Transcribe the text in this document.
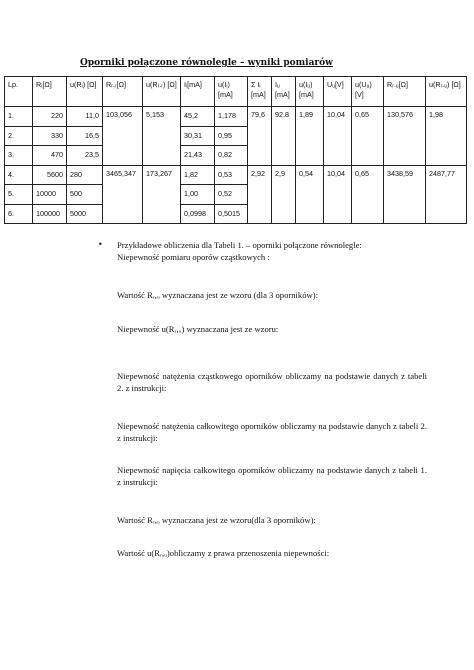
Oporniki połączone równolegle – wyniki pomiarów
Lp.	Rᵢ[Ω]	u(Rᵢ) [Ω]	Rᵣ.ᵣ[Ω]	u(Rᵣ.ᵣ) [Ω]	Iᵢ[mA]	u(Iᵢ) [mA]	Σ Iᵢ [mA]	Iᵤ [mA]	u(Iᵤ) [mA]	Uᵤ[V]	u(Uᵤ) [V]	Rᵣ.ᵤ[Ω]	u(Rᵣ.ᵤ) [Ω]
1.	220	11,0	103,056	5,153	45,2	1,178	79,6	92,8	1,89	10,04	0,65	130,576	1,98
2.	330	16,5			30,31	0,95							
3.	470	23,5			21,43	0,82							
4.	5600	280	3465,347	173,267	1,82	0,53	2,92	2,9	0,54	10,04	0,65	3438,59	2487,77
5.	10000	500			1,00	0,52							
6.	100000	5000			0,0998	0,5015							
• Przykładowe obliczenia dla Tabeli 1. – oporniki połączone równolegle:
Niepewność pomiaru oporów cząstkowych :
Wartość Rᵣ,ᵤ wyznaczana jest ze wzoru (dla 3 oporników):
Niepewność u(Rᵣ,ᵤ) wyznaczana jest ze wzoru:
Niepewność natężenia cząstkowego oporników obliczamy na podstawie danych z tabeli 2. z instrukcji:
Niepewność natężenia całkowitego oporników obliczamy na podstawie danych z tabeli 2. z instrukcji:
Niepewność napięcia całkowitego oporników obliczamy na podstawie danych z tabeli 1. z instrukcji:
Wartość Rᵣ,ᵤ wyznaczana jest ze wzoru(dla 3 oporników):
Wartość u(Rᵣ,ᵤ)obliczamy z prawa przenoszenia niepewności:
